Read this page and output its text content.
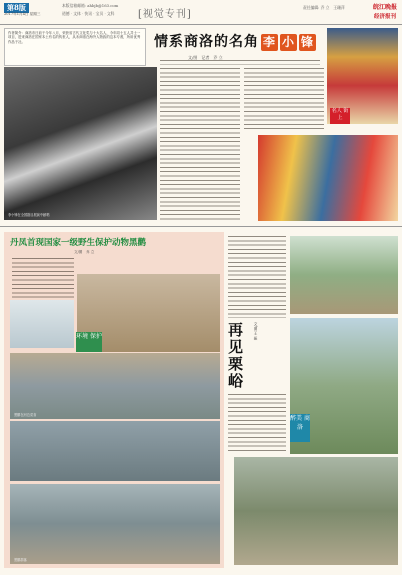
第8版
2017年1月4日 星期三
本版信箱邮箱: ahbjb@163.com
道德 · 文体 · 快讯 · 宝贝 · 文科 [视觉专刊]
责任编辑: 乔 立　王珊萍	皖江晚报
经济报刊
作者简介：商洛市日前于今年八月，荣获省古代文化奖与十大名人，今年同十五人共士一项目，进来商洛在国家本土有名的传世人，从未商洛在海外人物致的这本专著，所用优秀作品于社。	情系商洛的名角 李 小 锋
文/图　记者　乔 立
李小锋在全国剧目展演中献唱
名人 街上
丹凤首现国家一级野生保护动物黑鹳
文/图　乔 立
环境 保护
黑鹳在河边觅食
黑鹳群落
再
见
栗
峪
文/图 王 振
醉美 商洛
